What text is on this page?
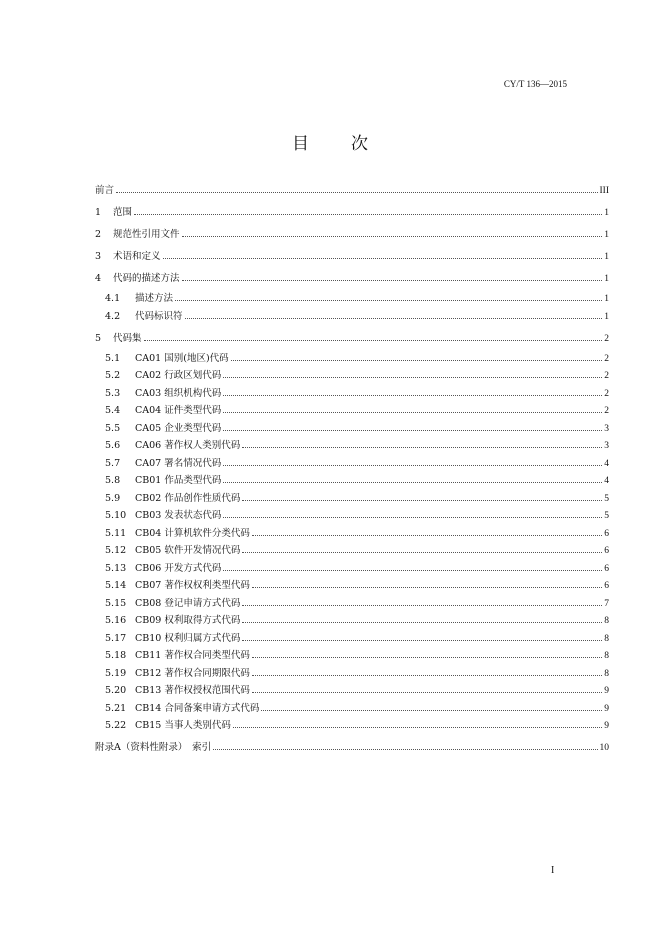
CY/T 136—2015
目 次
前言	III
1 范围	1
2 规范性引用文件	1
3 术语和定义	1
4 代码的描述方法	1
4.1 描述方法	1
4.2 代码标识符	1
5 代码集	2
5.1 CA01 国别(地区)代码	2
5.2 CA02 行政区划代码	2
5.3 CA03 组织机构代码	2
5.4 CA04 证件类型代码	2
5.5 CA05 企业类型代码	3
5.6 CA06 著作权人类别代码	3
5.7 CA07 署名情况代码	4
5.8 CB01 作品类型代码	4
5.9 CB02 作品创作性质代码	5
5.10 CB03 发表状态代码	5
5.11 CB04 计算机软件分类代码	6
5.12 CB05 软件开发情况代码	6
5.13 CB06 开发方式代码	6
5.14 CB07 著作权权利类型代码	6
5.15 CB08 登记申请方式代码	7
5.16 CB09 权利取得方式代码	8
5.17 CB10 权利归属方式代码	8
5.18 CB11 著作权合同类型代码	8
5.19 CB12 著作权合同期限代码	8
5.20 CB13 著作权授权范围代码	9
5.21 CB14 合同备案申请方式代码	9
5.22 CB15 当事人类别代码	9
附录A（资料性附录）　索引	10
I
